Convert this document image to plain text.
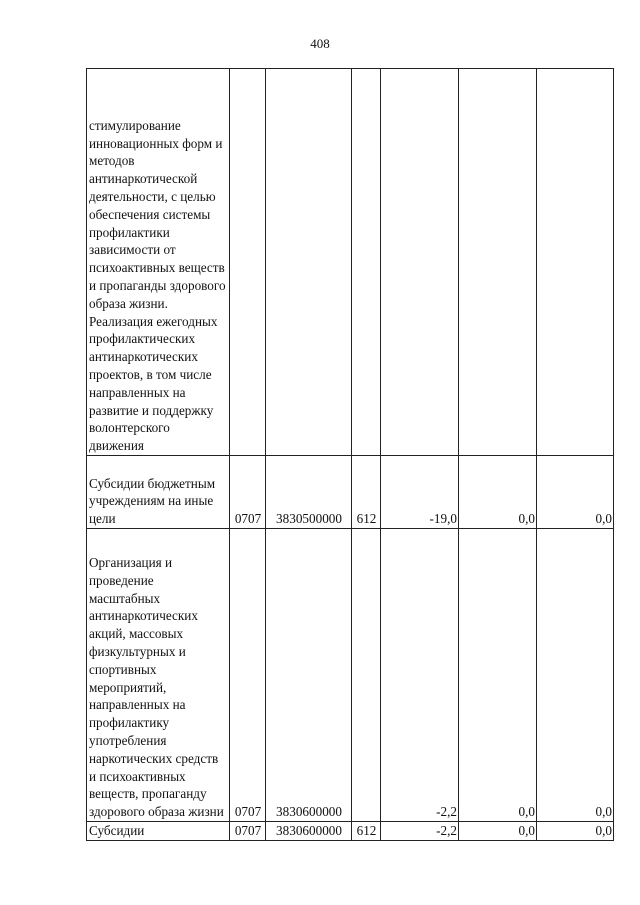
408
стимулирование инновационных форм и методов антинаркотической деятельности, с целью обеспечения системы профилактики зависимости от психоактивных веществ и пропаганды здорового образа жизни. Реализация ежегодных профилактических антинаркотических проектов, в том числе направленных на развитие и поддержку волонтерского движения						
Субсидии бюджетным учреждениям на иные цели	0707	3830500000	612	-19,0	0,0	0,0
Организация и проведение масштабных антинаркотических акций, массовых физкультурных и спортивных мероприятий, направленных на профилактику употребления наркотических средств и психоактивных веществ, пропаганду здорового образа жизни	0707	3830600000		-2,2	0,0	0,0
Субсидии	0707	3830600000	612	-2,2	0,0	0,0
